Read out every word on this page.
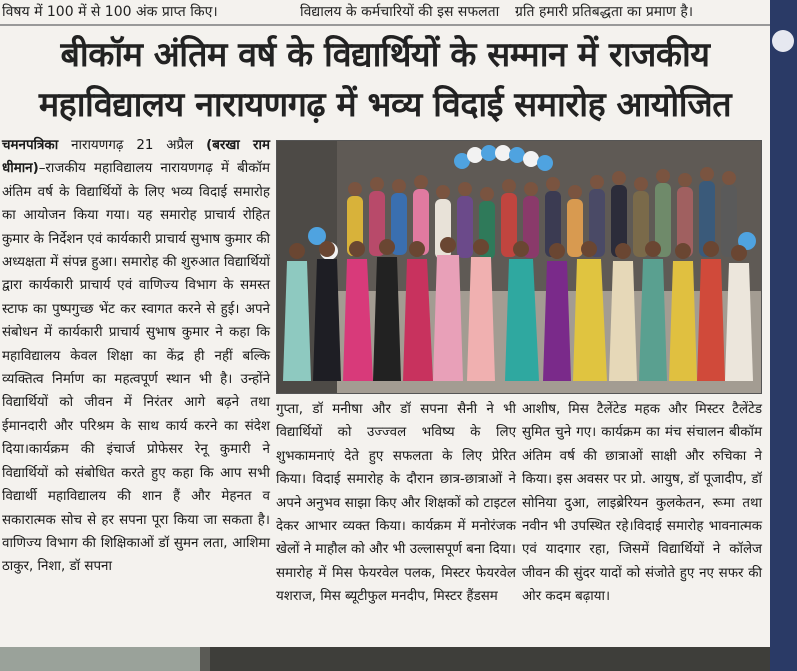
विषय में 100 में से 100 अंक प्राप्त किए।	विद्यालय के कर्मचारियों की इस सफलता ग्रति हमारी प्रतिबद्धता का प्रमाण है।
बीकॉम अंतिम वर्ष के विद्यार्थियों के सम्मान में राजकीय
महाविद्यालय नारायणगढ़ में भव्य विदाई समारोह आयोजित

चमनपत्रिका नारायणगढ़ 21 अप्रैल (बरखा राम धीमान)–राजकीय महाविद्यालय नारायणगढ़ में बीकॉम अंतिम वर्ष के विद्यार्थियों के लिए भव्य विदाई समारोह का आयोजन किया गया। यह समारोह प्राचार्य रोहित कुमार के निर्देशन एवं कार्यकारी प्राचार्य सुभाष कुमार की अध्यक्षता में संपन्न हुआ। समारोह की शुरुआत विद्यार्थियों द्वारा कार्यकारी प्राचार्य एवं वाणिज्य विभाग के समस्त स्टाफ का पुष्पगुच्छ भेंट कर स्वागत करने से हुई। अपने संबोधन में कार्यकारी प्राचार्य सुभाष कुमार ने कहा कि महाविद्यालय केवल शिक्षा का केंद्र ही नहीं बल्कि व्यक्तित्व निर्माण का महत्वपूर्ण स्थान भी है। उन्होंने विद्यार्थियों को जीवन में निरंतर आगे बढ़ने तथा ईमानदारी और परिश्रम के साथ कार्य करने का संदेश दिया।कार्यक्रम की इंचार्ज प्रोफेसर रेनू कुमारी ने विद्यार्थियों को संबोधित करते हुए कहा कि आप सभी विद्यार्थी महाविद्यालय की शान हैं और मेहनत व सकारात्मक सोच से हर सपना पूरा किया जा सकता है।वाणिज्य विभाग की शिक्षिकाओं डॉ सुमन लता, आशिमा ठाकुर, निशा, डॉ सपना

गुप्ता, डॉ मनीषा और डॉ सपना सैनी ने भी विद्यार्थियों को उज्ज्वल भविष्य के लिए शुभकामनाएं देते हुए सफलता के लिए प्रेरित किया। विदाई समारोह के दौरान छात्र-छात्राओं ने अपने अनुभव साझा किए और शिक्षकों को टाइटल देकर आभार व्यक्त किया। कार्यक्रम में मनोरंजक खेलों ने माहौल को और भी उल्लासपूर्ण बना दिया। समारोह में मिस फेयरवेल पलक, मिस्टर फेयरवेल यशराज, मिस ब्यूटीफुल मनदीप, मिस्टर हैंडसम

आशीष, मिस टैलेंटेड महक और मिस्टर टैलेंटेड सुमित चुने गए। कार्यक्रम का मंच संचालन बीकॉम अंतिम वर्ष की छात्राओं साक्षी और रुचिका ने किया। इस अवसर पर प्रो. आयुष, डॉ पूजादीप, डॉ सोनिया दुआ, लाइब्रेरियन कुलकेतन, रूमा तथा नवीन भी उपस्थित रहे।विदाई समारोह भावनात्मक एवं यादगार रहा, जिसमें विद्यार्थियों ने कॉलेज जीवन की सुंदर यादों को संजोते हुए नए सफर की ओर कदम बढ़ाया।
